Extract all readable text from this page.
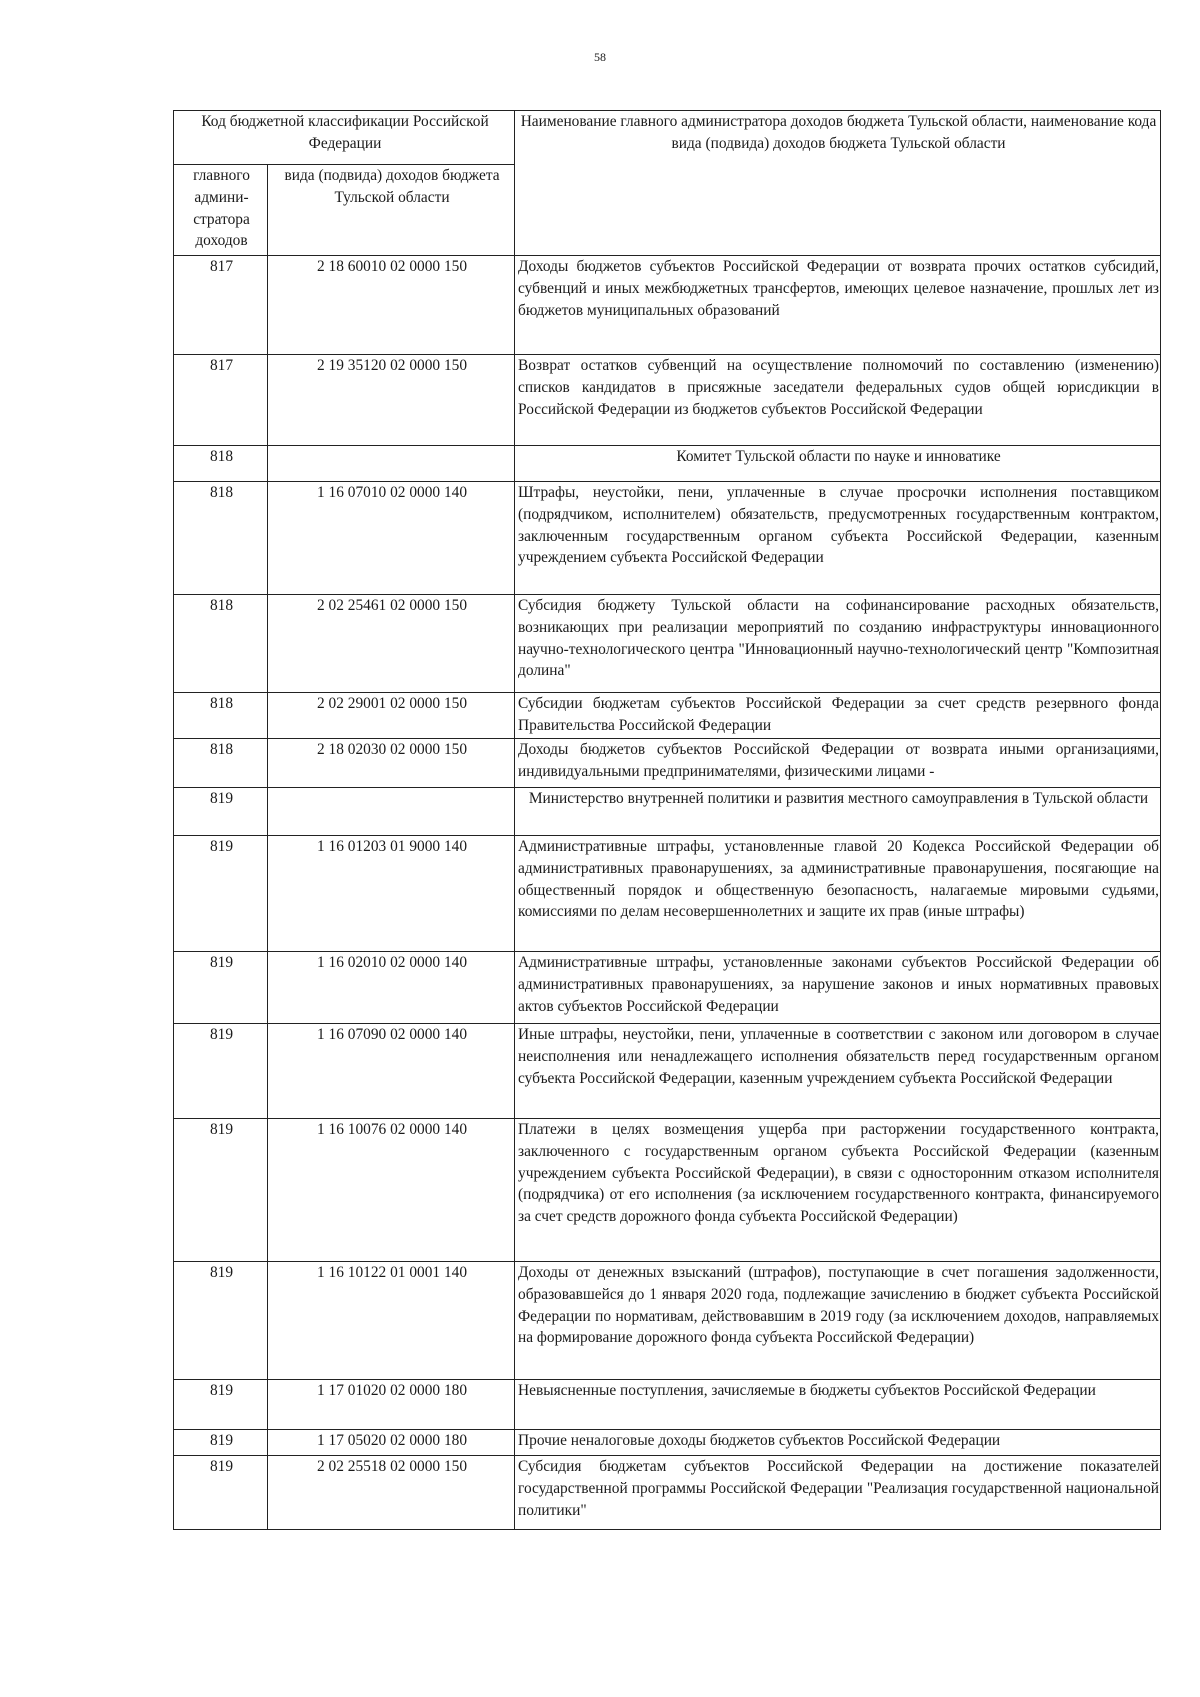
58
Код бюджетной классификации Российской Федерации		Наименование главного администратора доходов бюджета Тульской области, наименование кода вида (подвида) доходов бюджета Тульской области
главного админи-стратора доходов	вида (подвида) доходов бюджета Тульской области	
817	2 18 60010 02 0000 150	Доходы бюджетов субъектов Российской Федерации от возврата прочих остатков субсидий, субвенций и иных межбюджетных трансфертов, имеющих целевое назначение, прошлых лет из бюджетов муниципальных образований
817	2 19 35120 02 0000 150	Возврат остатков субвенций на осуществление полномочий по составлению (изменению) списков кандидатов в присяжные заседатели федеральных судов общей юрисдикции в Российской Федерации из бюджетов субъектов Российской Федерации
818		Комитет Тульской области по науке и инноватике
818	1 16 07010 02 0000 140	Штрафы, неустойки, пени, уплаченные в случае просрочки исполнения поставщиком (подрядчиком, исполнителем) обязательств, предусмотренных государственным контрактом, заключенным государственным органом субъекта Российской Федерации, казенным учреждением субъекта Российской Федерации
818	2 02 25461 02 0000 150	Субсидия бюджету Тульской области на софинансирование расходных обязательств, возникающих при реализации мероприятий по созданию инфраструктуры инновационного научно-технологического центра "Инновационный научно-технологический центр "Композитная долина"
818	2 02 29001 02 0000 150	Субсидии бюджетам субъектов Российской Федерации за счет средств резервного фонда Правительства Российской Федерации
818	2 18 02030 02 0000 150	Доходы бюджетов субъектов Российской Федерации от возврата иными организациями, индивидуальными предпринимателями, физическими лицами -

819		Министерство внутренней политики и развития местного самоуправления в Тульской области
819	1 16 01203 01 9000 140	Административные штрафы, установленные главой 20 Кодекса Российской Федерации об административных правонарушениях, за административные правонарушения, посягающие на общественный порядок и общественную безопасность, налагаемые мировыми судьями, комиссиями по делам несовершеннолетних и защите их прав (иные штрафы)
819	1 16 02010 02 0000 140	Административные штрафы, установленные законами субъектов Российской Федерации об административных правонарушениях, за нарушение законов и иных нормативных правовых актов субъектов Российской Федерации
819	1 16 07090 02 0000 140	Иные штрафы, неустойки, пени, уплаченные в соответствии с законом или договором в случае неисполнения или ненадлежащего исполнения обязательств перед государственным органом субъекта Российской Федерации, казенным учреждением субъекта Российской Федерации
819	1 16 10076 02 0000 140	Платежи в целях возмещения ущерба при расторжении государственного контракта, заключенного с государственным органом субъекта Российской Федерации (казенным учреждением субъекта Российской Федерации), в связи с односторонним отказом исполнителя (подрядчика) от его исполнения (за исключением государственного контракта, финансируемого за счет средств дорожного фонда субъекта Российской Федерации)
819	1 16 10122 01 0001 140	Доходы от денежных взысканий (штрафов), поступающие в счет погашения задолженности, образовавшейся до 1 января 2020 года, подлежащие зачислению в бюджет субъекта Российской Федерации по нормативам, действовавшим в 2019 году (за исключением доходов, направляемых на формирование дорожного фонда субъекта Российской Федерации)
819	1 17 01020 02 0000 180	Невыясненные поступления, зачисляемые в бюджеты субъектов Российской Федерации
819	1 17 05020 02 0000 180	Прочие неналоговые доходы бюджетов субъектов Российской Федерации
819	2 02 25518 02 0000 150	Субсидия бюджетам субъектов Российской Федерации на достижение показателей государственной программы Российской Федерации "Реализация государственной национальной политики"
